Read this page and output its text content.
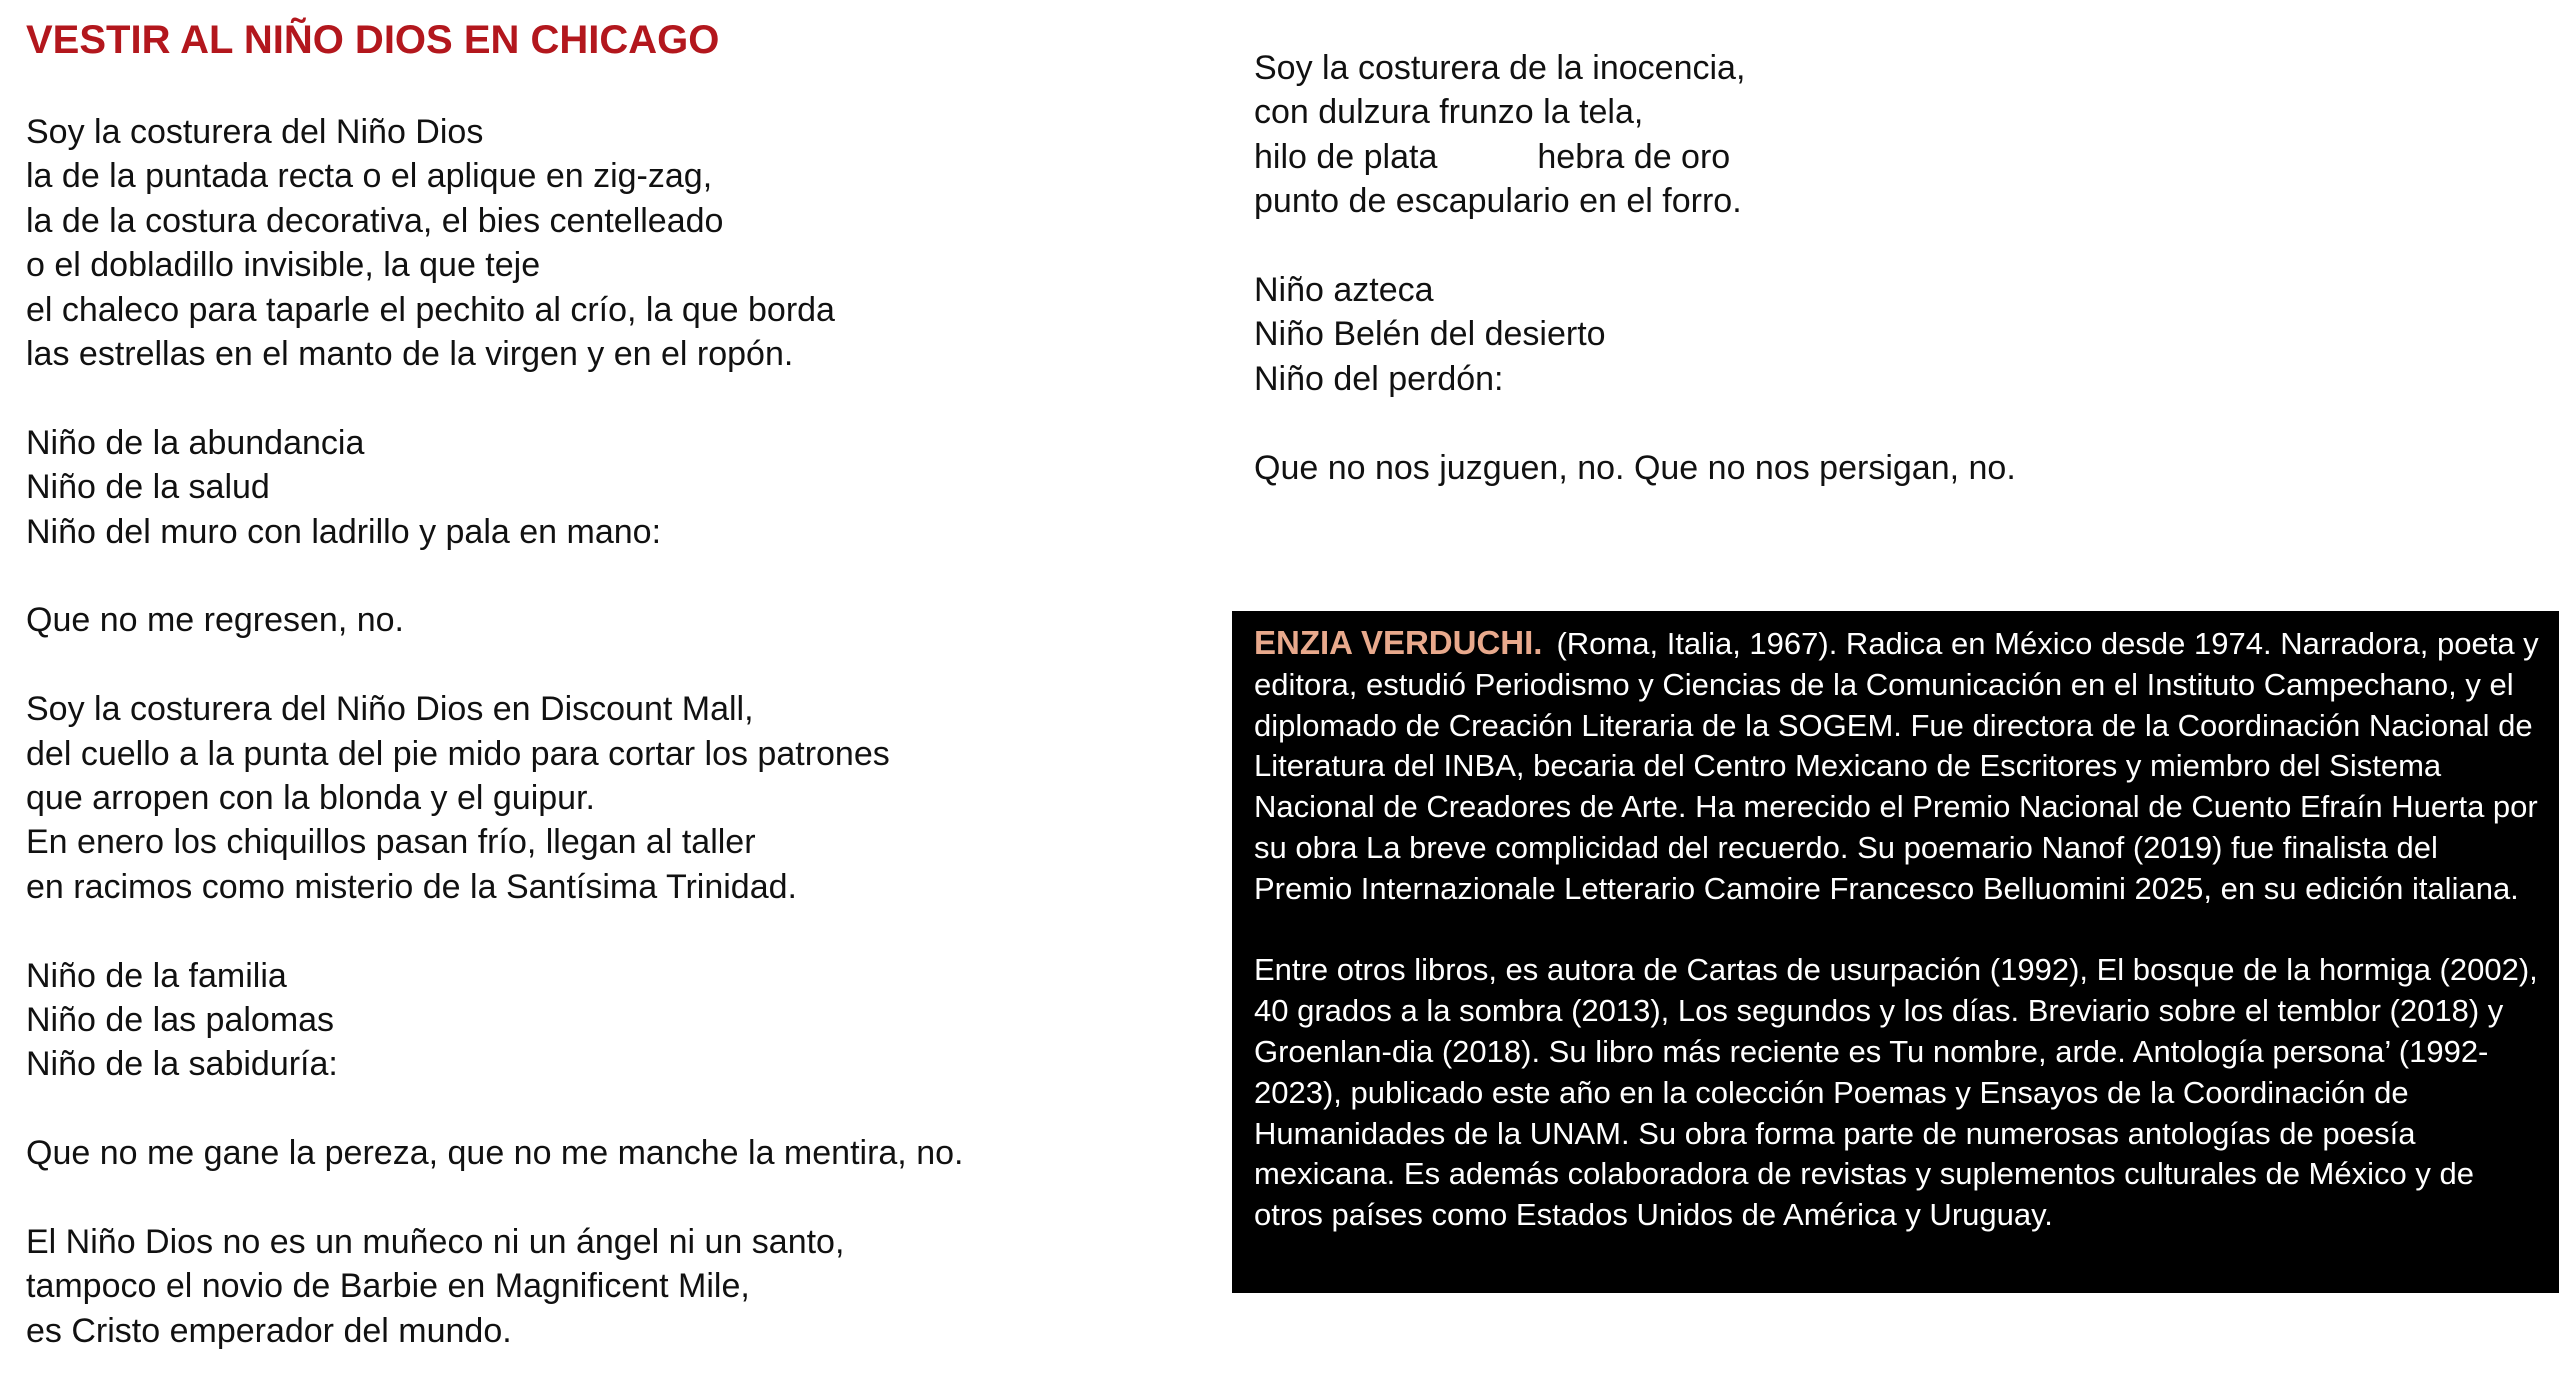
VESTIR AL NIÑO DIOS EN CHICAGO
Soy la costurera del Niño Dios
la de la puntada recta o el aplique en zig-zag,
la de la costura decorativa, el bies centelleado
o el dobladillo invisible, la que teje
el chaleco para taparle el pechito al crío, la que borda
las estrellas en el manto de la virgen y en el ropón.
Niño de la abundancia
Niño de la salud
Niño del muro con ladrillo y pala en mano:
Que no me regresen, no.
Soy la costurera del Niño Dios en Discount Mall,
del cuello a la punta del pie mido para cortar los patrones
que arropen con la blonda y el guipur.
En enero los chiquillos pasan frío, llegan al taller
en racimos como misterio de la Santísima Trinidad.
Niño de la familia
Niño de las palomas
Niño de la sabiduría:
Que no me gane la pereza, que no me manche la mentira, no.
El Niño Dios no es un muñeco ni un ángel ni un santo,
tampoco el novio de Barbie en Magnificent Mile,
es Cristo emperador del mundo.
Soy la costurera de la inocencia,
con dulzura frunzo la tela,
hilo de plata	hebra de oro
punto de escapulario en el forro.
Niño azteca
Niño Belén del desierto
Niño del perdón:
Que no nos juzguen, no. Que no nos persigan, no.

ENZIA VERDUCHI. (Roma, Italia, 1967). Radica en México desde 1974. Narradora, poeta y editora, estudió Periodismo y Ciencias de la Comunicación en el Instituto Campechano, y el diplomado de Creación Literaria de la SOGEM. Fue directora de la Coordinación Nacional de Literatura del INBA, becaria del Centro Mexicano de Escritores y miembro del Sistema Nacional de Creadores de Arte. Ha merecido el Premio Nacional de Cuento Efraín Huerta por su obra La breve complicidad del recuerdo. Su poemario Nanof (2019) fue finalista del Premio Internazionale Letterario Camoire Francesco Belluomini 2025, en su edición italiana.

Entre otros libros, es autora de Cartas de usurpación (1992), El bosque de la hormiga (2002), 40 grados a la sombra (2013), Los segundos y los días. Breviario sobre el temblor (2018) y Groenlan-dia (2018). Su libro más reciente es Tu nombre, arde. Antología persona’ (1992-2023), publicado este año en la colección Poemas y Ensayos de la Coordinación de Humanidades de la UNAM. Su obra forma parte de numerosas antologías de poesía mexicana. Es además colaboradora de revistas y suplementos culturales de México y de otros países como Estados Unidos de América y Uruguay.
